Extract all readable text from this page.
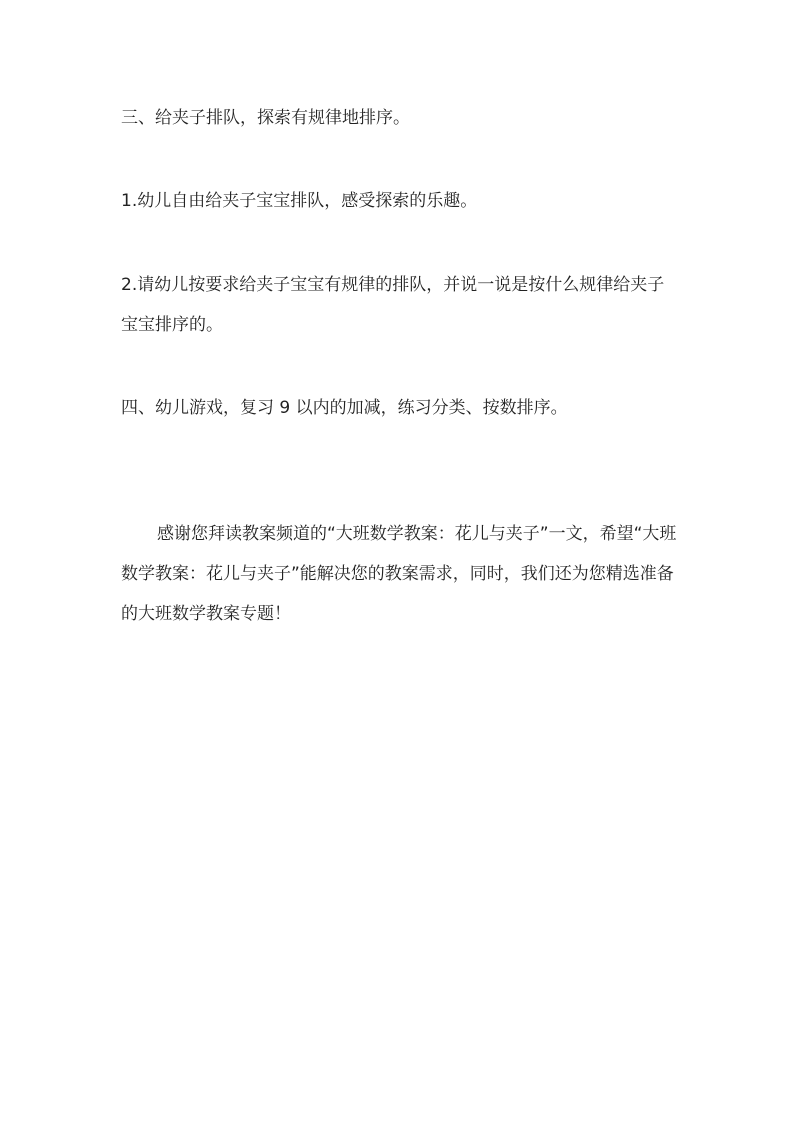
三、给夹子排队，探索有规律地排序。

1.幼儿自由给夹子宝宝排队，感受探索的乐趣。

2.请幼儿按要求给夹子宝宝有规律的排队，并说一说是按什么规律给夹子宝宝排序的。

四、幼儿游戏，复习 9 以内的加减，练习分类、按数排序。

感谢您拜读教案频道的“大班数学教案：花儿与夹子”一文，希望“大班数学教案：花儿与夹子”能解决您的教案需求，同时，我们还为您精选准备的大班数学教案专题！
